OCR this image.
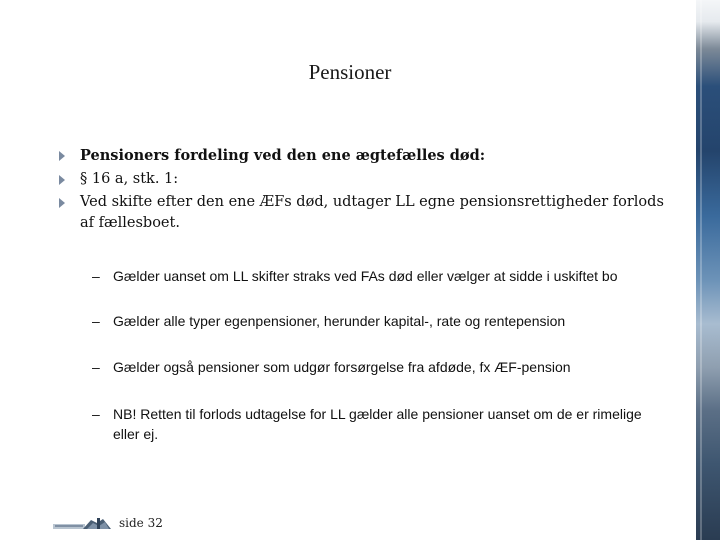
Pensioner
Pensioners fordeling ved den ene ægtefælles død:
§ 16 a, stk. 1:
Ved skifte efter den ene ÆFs død, udtager LL egne pensionsrettigheder forlods af fællesboet.
– Gælder uanset om LL skifter straks ved FAs død eller vælger at sidde i uskiftet bo
– Gælder alle typer egenpensioner, herunder kapital-, rate og rentepension
– Gælder også pensioner som udgør forsørgelse fra afdøde, fx ÆF-pension
– NB! Retten til forlods udtagelse for LL gælder alle pensioner uanset om de er rimelige eller ej.
side 32
